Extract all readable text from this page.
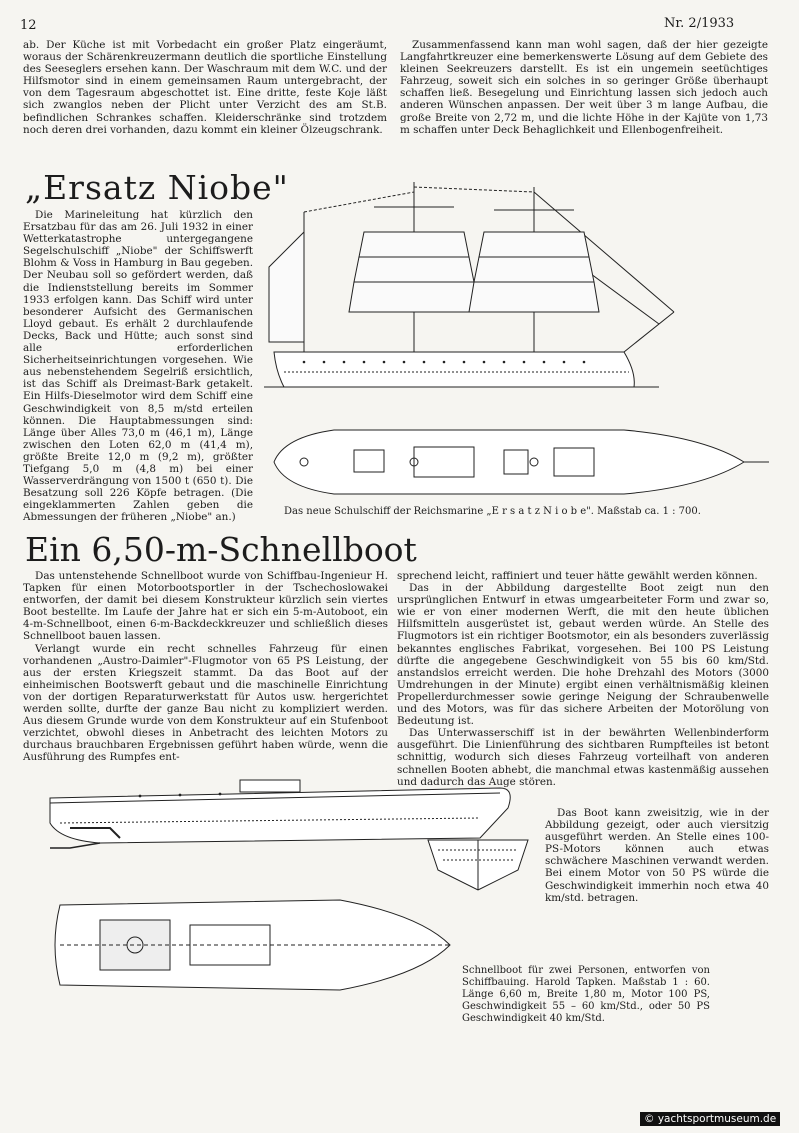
12	Nr. 2/1933
ab. Der Küche ist mit Vorbedacht ein großer Platz eingeräumt, woraus der Schärenkreuzermann deutlich die sportliche Einstellung des Seeseglers ersehen kann. Der Waschraum mit dem W.C. und der Hilfsmotor sind in einem gemeinsamen Raum untergebracht, der von dem Tagesraum abgeschottet ist. Eine dritte, feste Koje läßt sich zwanglos neben der Plicht unter Verzicht des am St.B. befindlichen Schrankes schaffen. Kleiderschränke sind trotzdem noch deren drei vorhanden, dazu kommt ein kleiner Ölzeugschrank.
Zusammenfassend kann man wohl sagen, daß der hier gezeigte Langfahrtkreuzer eine bemerkenswerte Lösung auf dem Gebiete des kleinen Seekreuzers darstellt. Es ist ein ungemein seetüchtiges Fahrzeug, soweit sich ein solches in so geringer Größe überhaupt schaffen ließ. Besegelung und Einrichtung lassen sich jedoch auch anderen Wünschen anpassen. Der weit über 3 m lange Aufbau, die große Breite von 2,72 m, und die lichte Höhe in der Kajüte von 1,73 m schaffen unter Deck Behaglichkeit und Ellenbogenfreiheit.
„Ersatz Niobe"
Die Marineleitung hat kürzlich den Ersatzbau für das am 26. Juli 1932 in einer Wetterkatastrophe untergegangene Segelschulschiff „Niobe" der Schiffswerft Blohm & Voss in Hamburg in Bau gegeben. Der Neubau soll so gefördert werden, daß die Indienststellung bereits im Sommer 1933 erfolgen kann. Das Schiff wird unter besonderer Aufsicht des Germanischen Lloyd gebaut. Es erhält 2 durchlaufende Decks, Back und Hütte; auch sonst sind alle erforderlichen Sicherheitseinrichtungen vorgesehen. Wie aus nebenstehendem Segelriß ersichtlich, ist das Schiff als Dreimast-Bark getakelt. Ein Hilfs-Dieselmotor wird dem Schiff eine Geschwindigkeit von 8,5 m/std erteilen können. Die Hauptabmessungen sind: Länge über Alles 73,0 m (46,1 m), Länge zwischen den Loten 62,0 m (41,4 m), größte Breite 12,0 m (9,2 m), größter Tiefgang 5,0 m (4,8 m) bei einer Wasserverdrängung von 1500 t (650 t). Die Besatzung soll 226 Köpfe betragen. (Die eingeklammerten Zahlen geben die Abmessungen der früheren „Niobe" an.)	Das neue Schulschiff der Reichsmarine „E r s a t z N i o b e". Maßstab ca. 1 : 700.
Ein 6,50-m-Schnellboot

Das untenstehende Schnellboot wurde von Schiffbau-Ingenieur H. Tapken für einen Motorbootsportler in der Tschechoslowakei entworfen, der damit bei diesem Konstrukteur kürzlich sein viertes Boot bestellte. Im Laufe der Jahre hat er sich ein 5-m-Autoboot, ein 4-m-Schnellboot, einen 6-m-Backdeckkreuzer und schließlich dieses Schnellboot bauen lassen.

Verlangt wurde ein recht schnelles Fahrzeug für einen vorhandenen „Austro-Daimler"-Flugmotor von 65 PS Leistung, der aus der ersten Kriegszeit stammt. Da das Boot auf der einheimischen Bootswerft gebaut und die maschinelle Einrichtung von der dortigen Reparaturwerkstatt für Autos usw. hergerichtet werden sollte, durfte der ganze Bau nicht zu kompliziert werden. Aus diesem Grunde wurde von dem Konstrukteur auf ein Stufenboot verzichtet, obwohl dieses in Anbetracht des leichten Motors zu durchaus brauchbaren Ergebnissen geführt haben würde, wenn die Ausführung des Rumpfes ent-

sprechend leicht, raffiniert und teuer hätte gewählt werden können.

Das in der Abbildung dargestellte Boot zeigt nun den ursprünglichen Entwurf in etwas umgearbeiteter Form und zwar so, wie er von einer modernen Werft, die mit den heute üblichen Hilfsmitteln ausgerüstet ist, gebaut werden würde. An Stelle des Flugmotors ist ein richtiger Bootsmotor, ein als besonders zuverlässig bekanntes englisches Fabrikat, vorgesehen. Bei 100 PS Leistung dürfte die angegebene Geschwindigkeit von 55 bis 60 km/Std. anstandslos erreicht werden. Die hohe Drehzahl des Motors (3000 Umdrehungen in der Minute) ergibt einen verhältnismäßig kleinen Propellerdurchmesser sowie geringe Neigung der Schraubenwelle und des Motors, was für das sichere Arbeiten der Motorölung von Bedeutung ist.

Das Unterwasserschiff ist in der bewährten Wellenbinderform ausgeführt. Die Linienführung des sichtbaren Rumpfteiles ist betont schnittig, wodurch sich dieses Fahrzeug vorteilhaft von anderen schnellen Booten abhebt, die manchmal etwas kastenmäßig aussehen und dadurch das Auge stören.

Das Boot kann zweisitzig, wie in der Abbildung gezeigt, oder auch viersitzig ausgeführt werden. An Stelle eines 100-PS-Motors können auch etwas schwächere Maschinen verwandt werden. Bei einem Motor von 50 PS würde die Geschwindigkeit immerhin noch etwa 40 km/std. betragen.
Schnellboot für zwei Personen, entworfen von Schiffbauing. Harold Tapken. Maßstab 1 : 60. Länge 6,60 m, Breite 1,80 m, Motor 100 PS, Geschwindigkeit 55 – 60 km/Std., oder 50 PS Geschwindigkeit 40 km/Std.
© yachtsportmuseum.de
